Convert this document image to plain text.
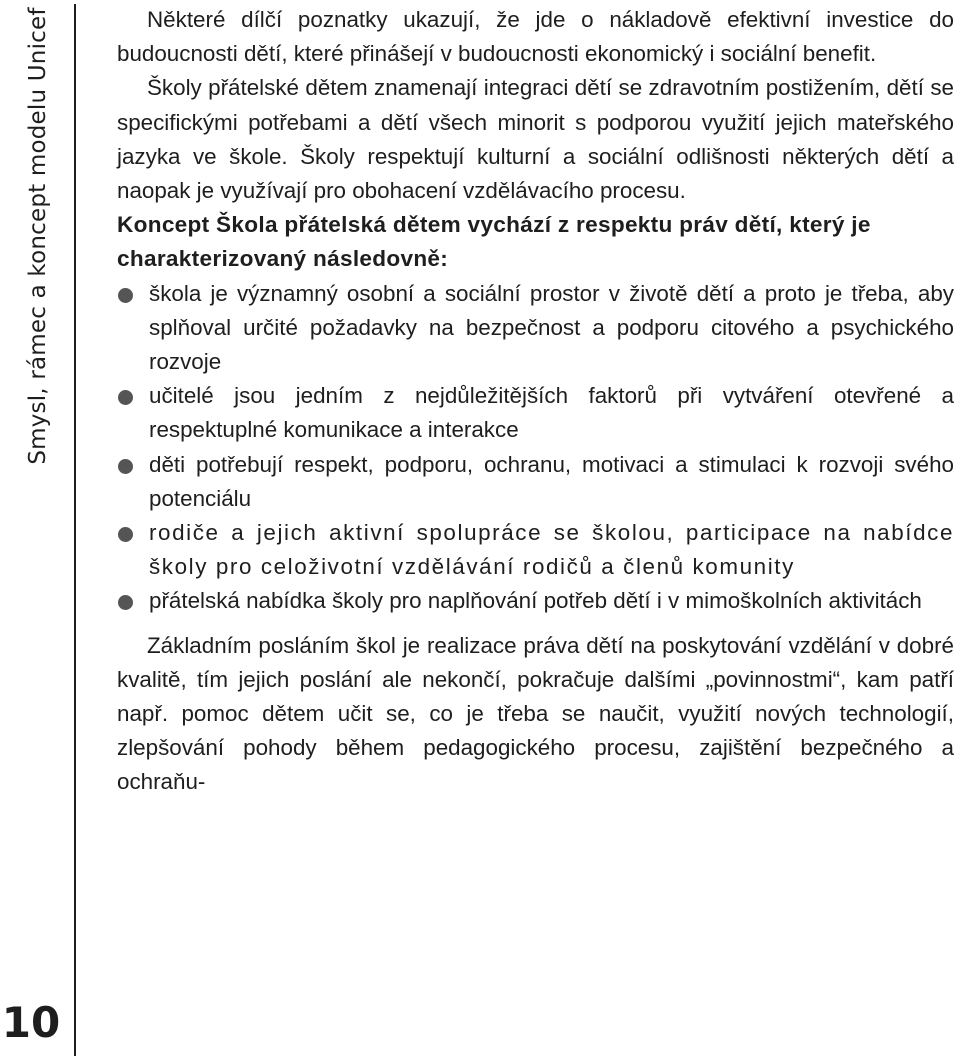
Smysl, rámec a koncept modelu Unicef
10

Některé dílčí poznatky ukazují, že jde o nákladově efektivní investice do budoucnosti dětí, které přinášejí v budoucnosti ekonomický i sociální benefit.

Školy přátelské dětem znamenají integraci dětí se zdravotním postižením, dětí se specifickými potřebami a dětí všech minorit s podporou využití jejich mateřského jazyka ve škole. Školy respektují kulturní a sociální odlišnosti některých dětí a naopak je využívají pro obohacení vzdělávacího procesu.

Koncept Škola přátelská dětem vychází z respektu práv dětí, který je charakterizovaný následovně:

škola je významný osobní a sociální prostor v životě dětí a proto je třeba, aby splňoval určité požadavky na bezpečnost a podporu citového a psychického rozvoje
učitelé jsou jedním z nejdůležitějších faktorů při vytváření otevřené a respektuplné komunikace a interakce
děti potřebují respekt, podporu, ochranu, motivaci a stimulaci k rozvoji svého potenciálu
rodiče a jejich aktivní spolupráce se školou, participace na nabídce školy pro celoživotní vzdělávání rodičů a členů komunity
přátelská nabídka školy pro naplňování potřeb dětí i v mimoškolních aktivitách

Základním posláním škol je realizace práva dětí na poskytování vzdělání v dobré kvalitě, tím jejich poslání ale nekončí, pokračuje dalšími „povinnostmi“, kam patří např. pomoc dětem učit se, co je třeba se naučit, využití nových technologií, zlepšování pohody během pedagogického procesu, zajištění bezpečného a ochraňu-
